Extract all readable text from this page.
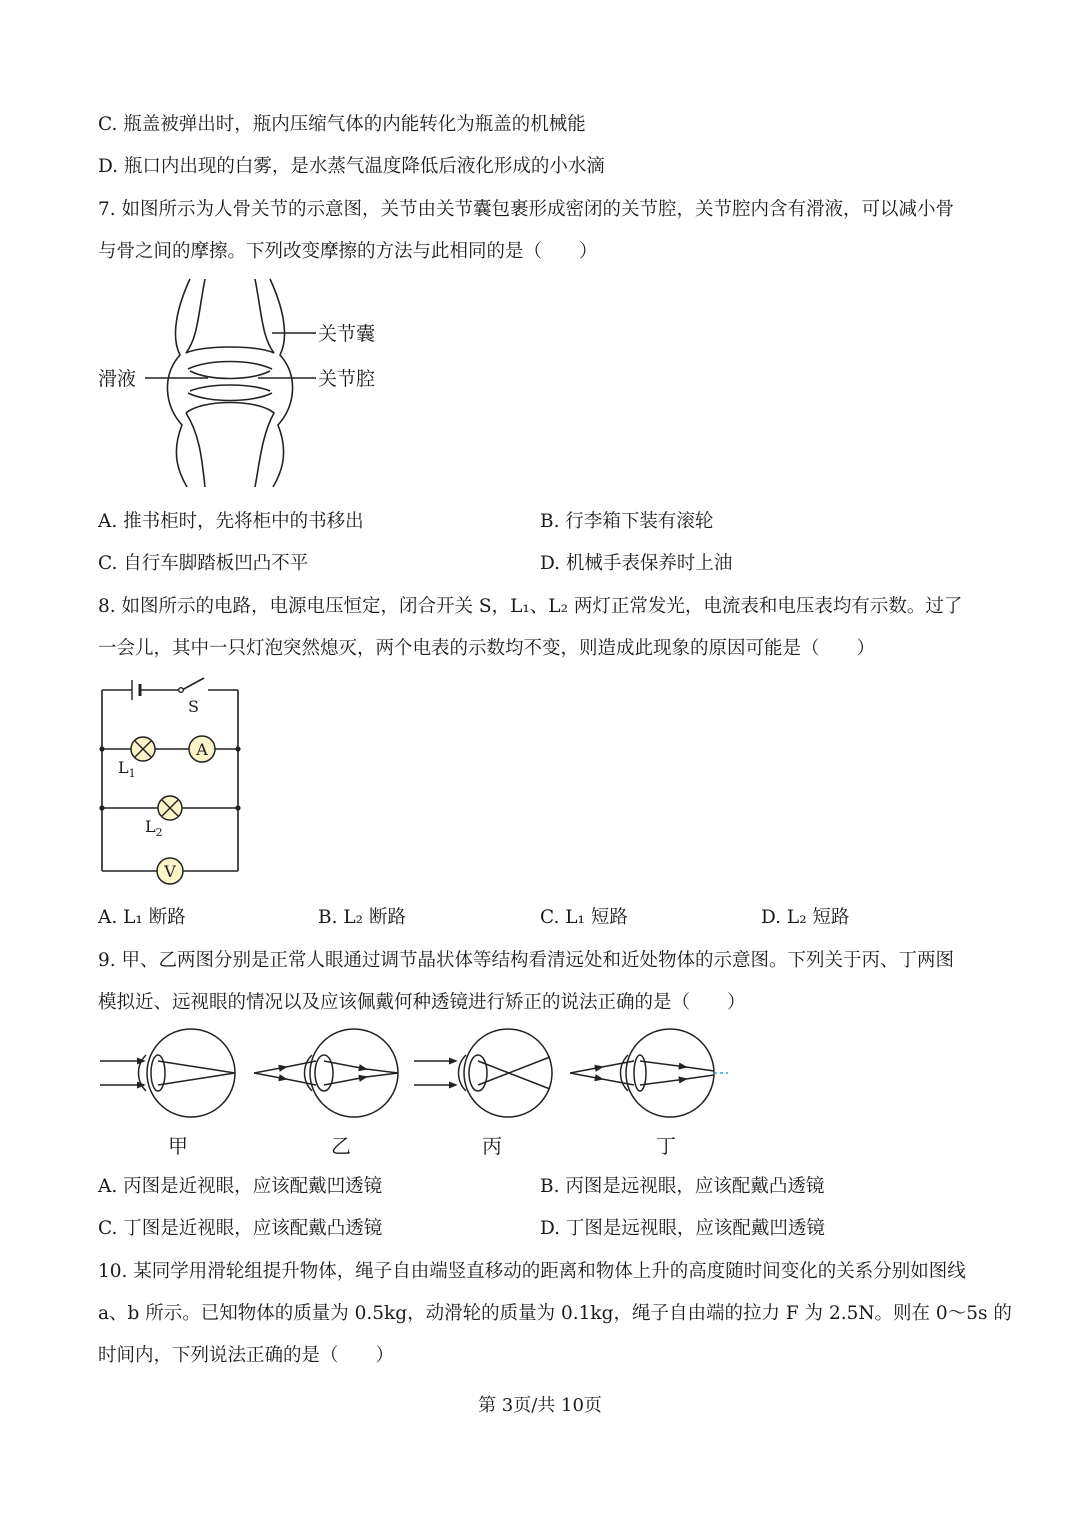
C. 瓶盖被弹出时，瓶内压缩气体的内能转化为瓶盖的机械能
D. 瓶口内出现的白雾，是水蒸气温度降低后液化形成的小水滴
7. 如图所示为人骨关节的示意图，关节由关节囊包裹形成密闭的关节腔，关节腔内含有滑液，可以减小骨
与骨之间的摩擦。下列改变摩擦的方法与此相同的是（　　）
关节囊
关节腔
滑液
A. 推书柜时，先将柜中的书移出	B. 行李箱下装有滚轮
C. 自行车脚踏板凹凸不平	D. 机械手表保养时上油
8. 如图所示的电路，电源电压恒定，闭合开关 S，L₁、L₂ 两灯正常发光，电流表和电压表均有示数。过了
一会儿，其中一只灯泡突然熄灭，两个电表的示数均不变，则造成此现象的原因可能是（　　）
A
V
S
$L_1$
$L_2$
A. L₁ 断路	B. L₂ 断路	C. L₁ 短路	D. L₂ 短路
9. 甲、乙两图分别是正常人眼通过调节晶状体等结构看清远处和近处物体的示意图。下列关于丙、丁两图
模拟近、远视眼的情况以及应该佩戴何种透镜进行矫正的说法正确的是（　　）
甲	乙	丙	丁
A. 丙图是近视眼，应该配戴凹透镜	B. 丙图是远视眼，应该配戴凸透镜
C. 丁图是近视眼，应该配戴凸透镜	D. 丁图是远视眼，应该配戴凹透镜
10. 某同学用滑轮组提升物体，绳子自由端竖直移动的距离和物体上升的高度随时间变化的关系分别如图线
a、b 所示。已知物体的质量为 0.5kg，动滑轮的质量为 0.1kg，绳子自由端的拉力 F 为 2.5N。则在 0～5s 的
时间内，下列说法正确的是（　　）
第 3页/共 10页
